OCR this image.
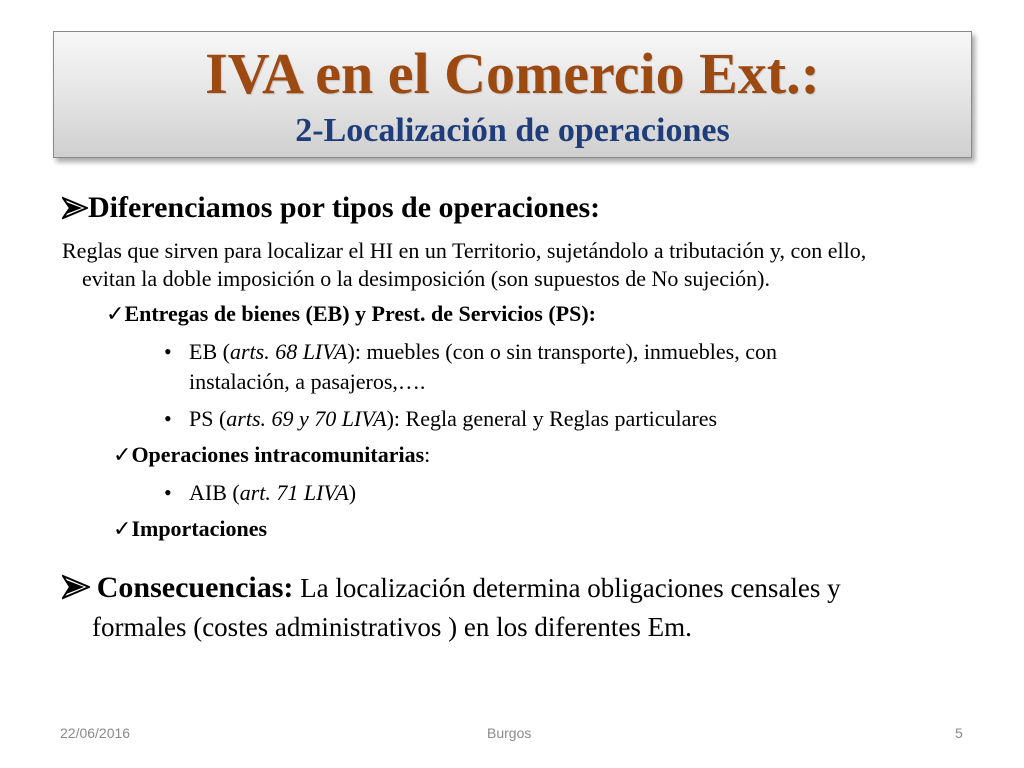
IVA en el Comercio Ext.:
2-Localización de operaciones
Diferenciamos por tipos de operaciones:
Reglas que sirven para localizar el HI en un Territorio, sujetándolo a tributación y, con ello,
evitan la doble imposición o la desimposición (son supuestos de No sujeción).
✓Entregas de bienes (EB) y Prest. de Servicios (PS):
• EB (arts. 68 LIVA): muebles (con o sin transporte), inmuebles, con
instalación, a pasajeros,….
• PS (arts. 69 y 70 LIVA): Regla general y Reglas particulares
✓Operaciones intracomunitarias:
• AIB (art. 71 LIVA)
✓Importaciones
Consecuencias: La localización determina obligaciones censales y
formales (costes administrativos ) en los diferentes Em.
22/06/2016	Burgos	5
